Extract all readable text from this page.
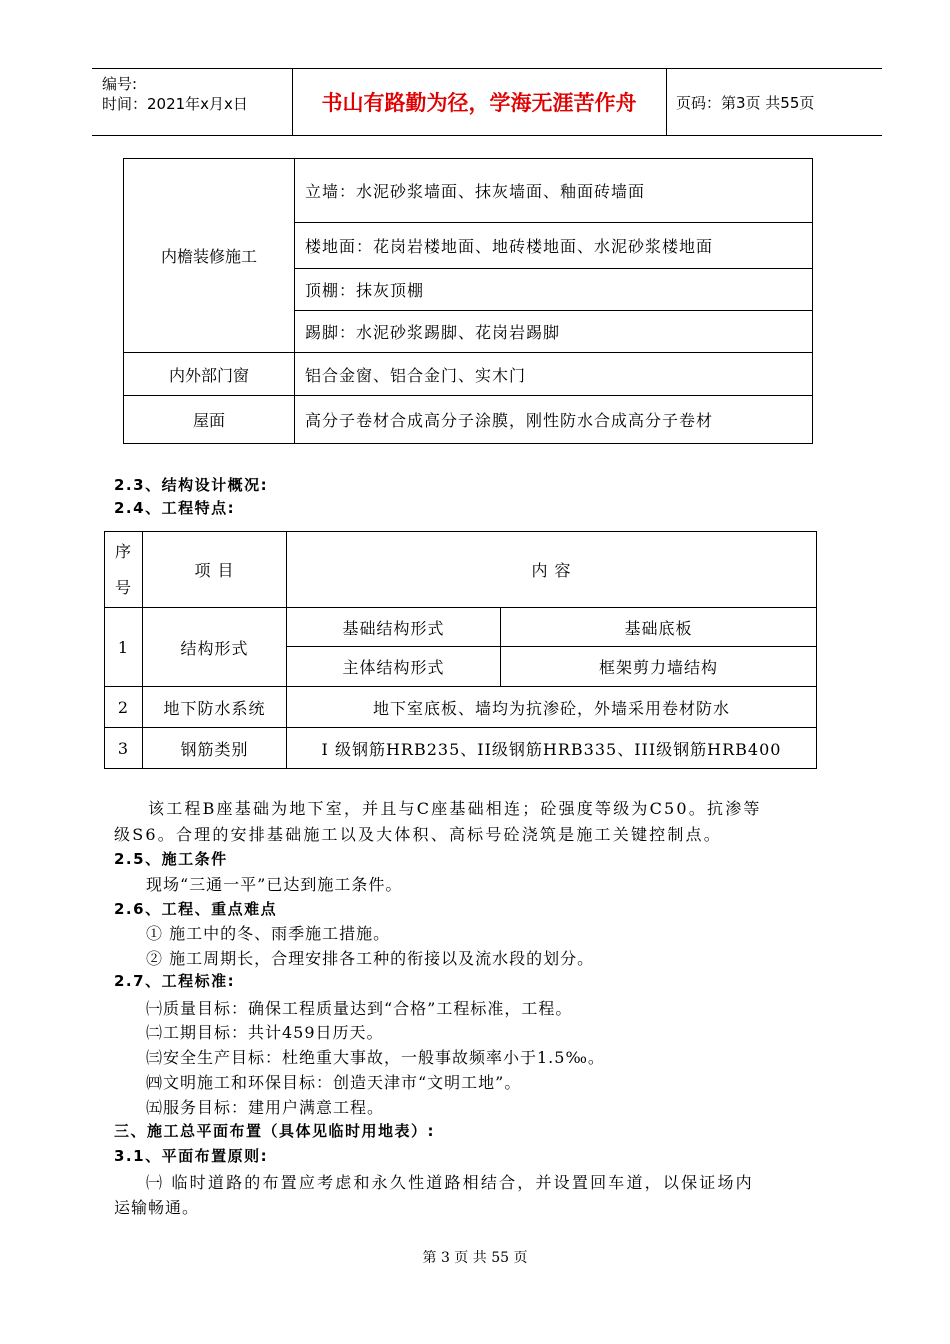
编号:
时间：2021年x月x日	书山有路勤为径，学海无涯苦作舟	页码：第3页 共55页
内檐装修施工	立墙：水泥砂浆墙面、抹灰墙面、釉面砖墙面
	楼地面：花岗岩楼地面、地砖楼地面、水泥砂浆楼地面
	顶棚：抹灰顶棚
	踢脚：水泥砂浆踢脚、花岗岩踢脚
内外部门窗	铝合金窗、铝合金门、实木门
屋面	高分子卷材合成高分子涂膜，刚性防水合成高分子卷材
2.3、结构设计概况:
2.4、工程特点:
序号	项 目	内 容	
1	结构形式	基础结构形式	基础底板
		主体结构形式	框架剪力墙结构
2	地下防水系统	地下室底板、墙均为抗渗砼，外墙采用卷材防水	
3	钢筋类别	I 级钢筋HRB235、II级钢筋HRB335、III级钢筋HRB400	
该工程B座基础为地下室，并且与C座基础相连；砼强度等级为C50。抗渗等
级S6。合理的安排基础施工以及大体积、高标号砼浇筑是施工关键控制点。
2.5、施工条件
现场“三通一平”已达到施工条件。
2.6、工程、重点难点
① 施工中的冬、雨季施工措施。
② 施工周期长，合理安排各工种的衔接以及流水段的划分。
2.7、工程标准:
㈠质量目标：确保工程质量达到“合格”工程标准，工程。
㈡工期目标：共计459日历天。
㈢安全生产目标：杜绝重大事故，一般事故频率小于1.5‰。
㈣文明施工和环保目标：创造天津市“文明工地”。
㈤服务目标：建用户满意工程。
三、施工总平面布置（具体见临时用地表）:
3.1、平面布置原则:
㈠ 临时道路的布置应考虑和永久性道路相结合，并设置回车道，以保证场内
运输畅通。
第 3 页 共 55 页
